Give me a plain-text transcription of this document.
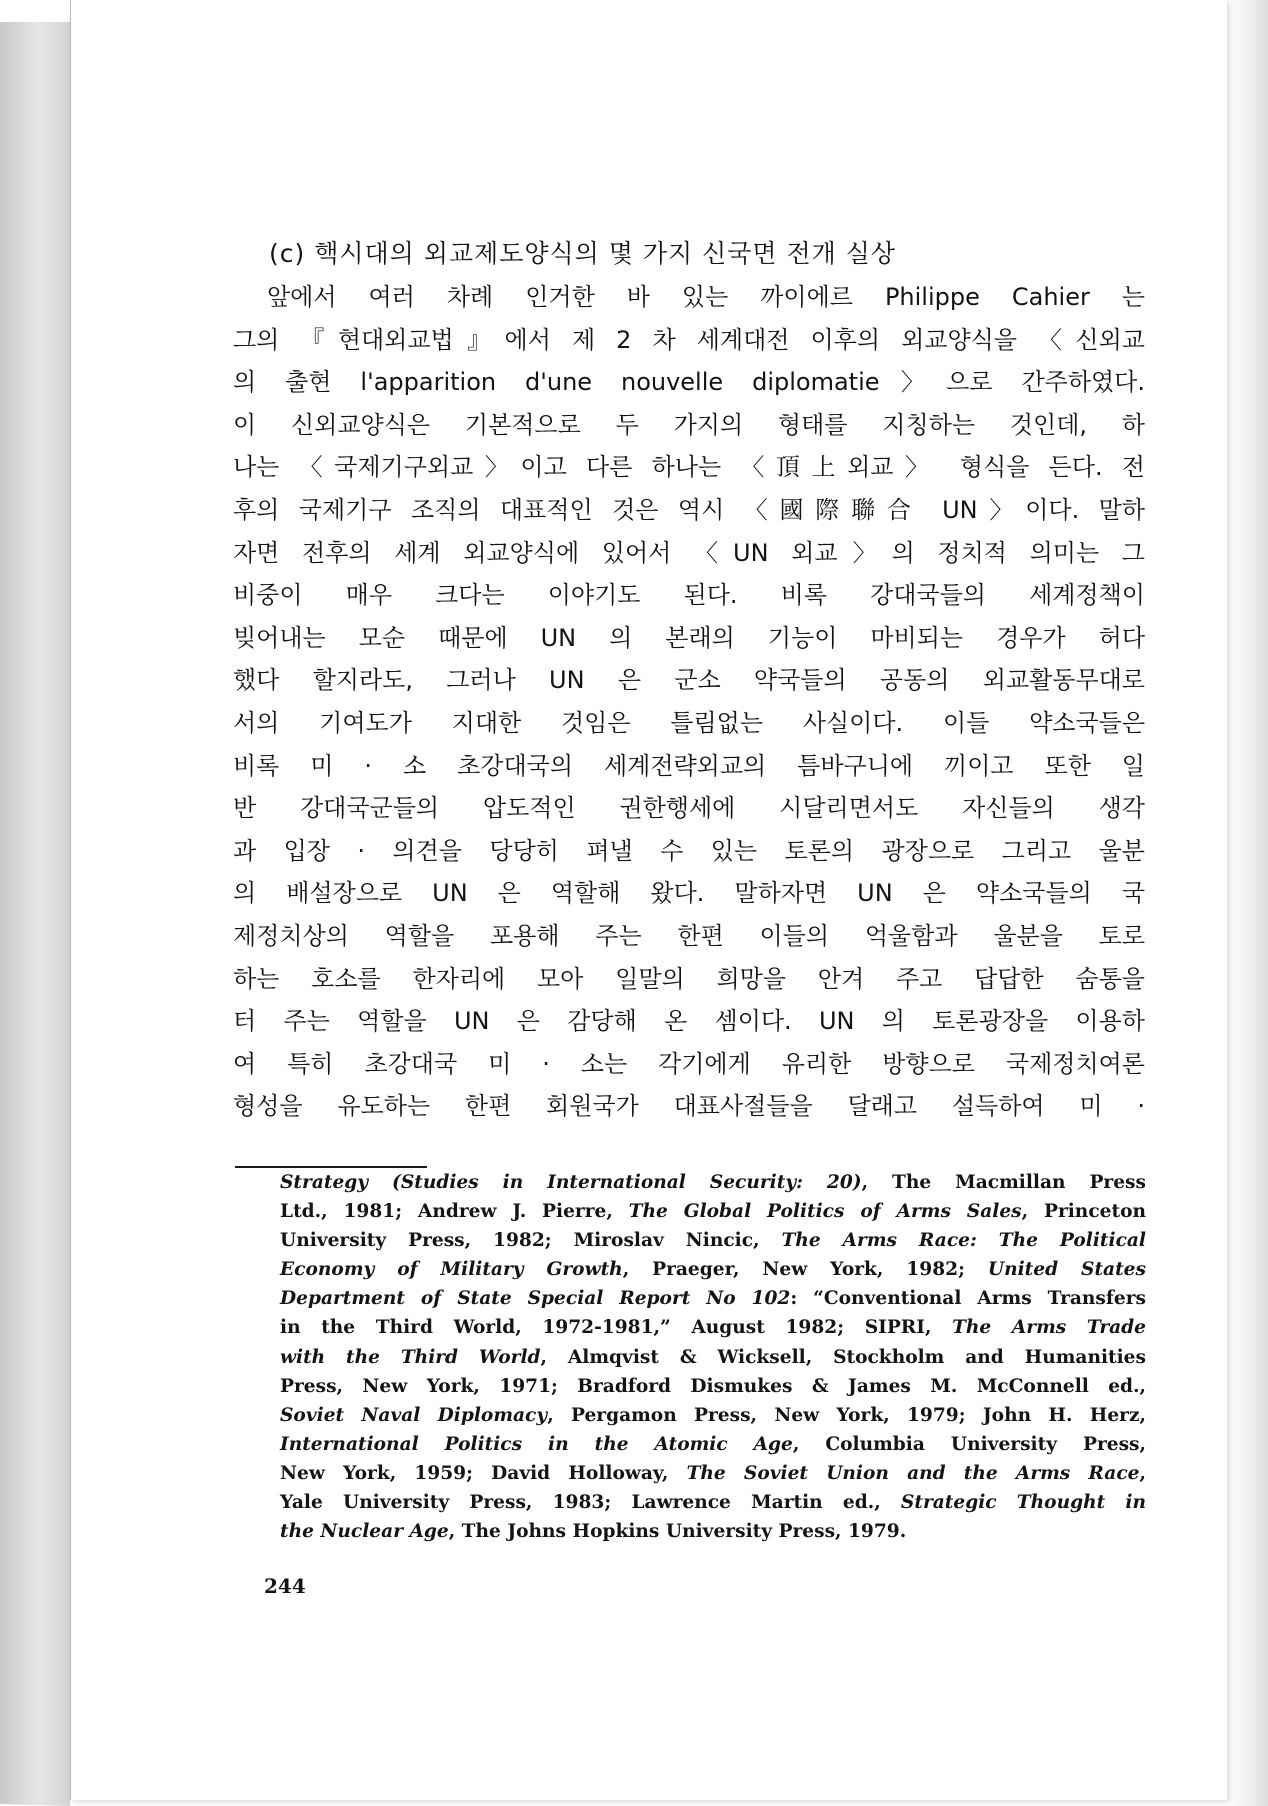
(c) 핵시대의 외교제도양식의 몇 가지 신국면 전개 실상
앞에서 여러 차례 인거한 바 있는 까이에르 Philippe Cahier 는
그의 『현대외교법』에서 제 2 차 세계대전 이후의 외교양식을 〈신외교
의 출현 l'apparition d'une nouvelle diplomatie〉으로 간주하였다.
이 신외교양식은 기본적으로 두 가지의 형태를 지칭하는 것인데, 하
나는 〈국제기구외교〉이고 다른 하나는 〈頂上외교〉 형식을 든다. 전
후의 국제기구 조직의 대표적인 것은 역시 〈國際聯合 UN〉이다. 말하
자면 전후의 세계 외교양식에 있어서 〈UN 외교〉의 정치적 의미는 그
비중이 매우 크다는 이야기도 된다. 비록 강대국들의 세계정책이
빚어내는 모순 때문에 UN 의 본래의 기능이 마비되는 경우가 허다
했다 할지라도, 그러나 UN 은 군소 약국들의 공동의 외교활동무대로
서의 기여도가 지대한 것임은 틀림없는 사실이다. 이들 약소국들은
비록 미 · 소 초강대국의 세계전략외교의 틈바구니에 끼이고 또한 일
반 강대국군들의 압도적인 권한행세에 시달리면서도 자신들의 생각
과 입장 · 의견을 당당히 펴낼 수 있는 토론의 광장으로 그리고 울분
의 배설장으로 UN 은 역할해 왔다. 말하자면 UN 은 약소국들의 국
제정치상의 역할을 포용해 주는 한편 이들의 억울함과 울분을 토로
하는 호소를 한자리에 모아 일말의 희망을 안겨 주고 답답한 숨통을
터 주는 역할을 UN 은 감당해 온 셈이다. UN 의 토론광장을 이용하
여 특히 초강대국 미 · 소는 각기에게 유리한 방향으로 국제정치여론
형성을 유도하는 한편 회원국가 대표사절들을 달래고 설득하여 미 ·
Strategy (Studies in International Security: 20), The Macmillan Press
Ltd., 1981; Andrew J. Pierre, The Global Politics of Arms Sales, Princeton
University Press, 1982; Miroslav Nincic, The Arms Race: The Political
Economy of Military Growth, Praeger, New York, 1982; United States
Department of State Special Report No 102: “Conventional Arms Transfers
in the Third World, 1972-1981,” August 1982; SIPRI, The Arms Trade
with the Third World, Almqvist & Wicksell, Stockholm and Humanities
Press, New York, 1971; Bradford Dismukes & James M. McConnell ed.,
Soviet Naval Diplomacy, Pergamon Press, New York, 1979; John H. Herz,
International Politics in the Atomic Age, Columbia University Press,
New York, 1959; David Holloway, The Soviet Union and the Arms Race,
Yale University Press, 1983; Lawrence Martin ed., Strategic Thought in
the Nuclear Age, The Johns Hopkins University Press, 1979.
244
